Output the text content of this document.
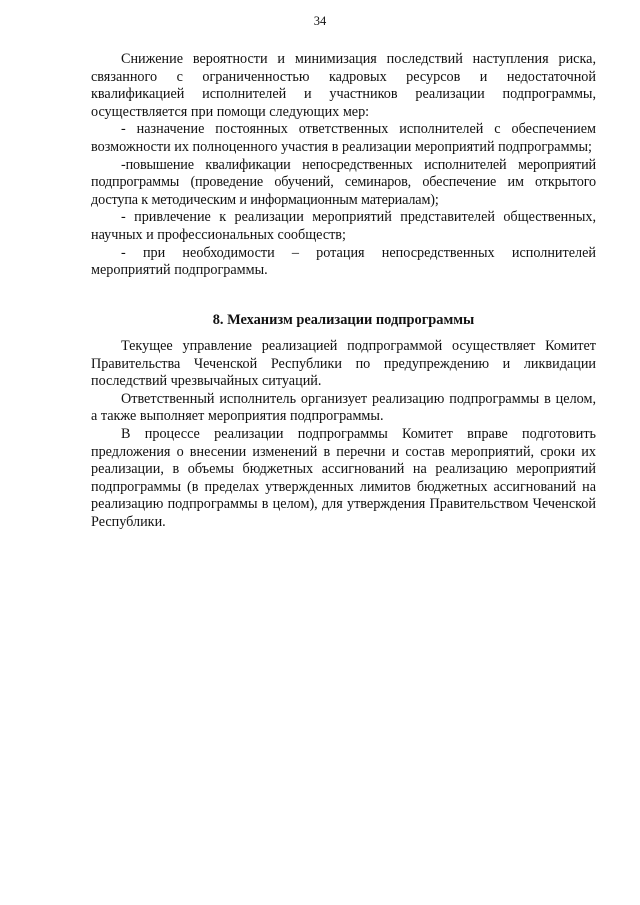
34

Снижение вероятности и минимизация последствий наступления риска, связанного с ограниченностью кадровых ресурсов и недостаточной квалификацией исполнителей и участников реализации подпрограммы, осуществляется при помощи следующих мер:

- назначение постоянных ответственных исполнителей с обеспечением возможности их полноценного участия в реализации мероприятий подпрограммы;

-повышение квалификации непосредственных исполнителей мероприятий подпрограммы (проведение обучений, семинаров, обеспечение им открытого доступа к методическим и информационным материалам);

- привлечение к реализации мероприятий представителей общественных, научных и профессиональных сообществ;

- при необходимости – ротация непосредственных исполнителей мероприятий подпрограммы.

8. Механизм реализации подпрограммы

Текущее управление реализацией подпрограммой осуществляет Комитет Правительства Чеченской Республики по предупреждению и ликвидации последствий чрезвычайных ситуаций.

Ответственный исполнитель организует реализацию подпрограммы в целом, а также выполняет мероприятия подпрограммы.

В процессе реализации подпрограммы Комитет вправе подготовить предложения о внесении изменений в перечни и состав мероприятий, сроки их реализации, в объемы бюджетных ассигнований на реализацию мероприятий подпрограммы (в пределах утвержденных лимитов бюджетных ассигнований на реализацию подпрограммы в целом), для утверждения Правительством Чеченской Республики.
